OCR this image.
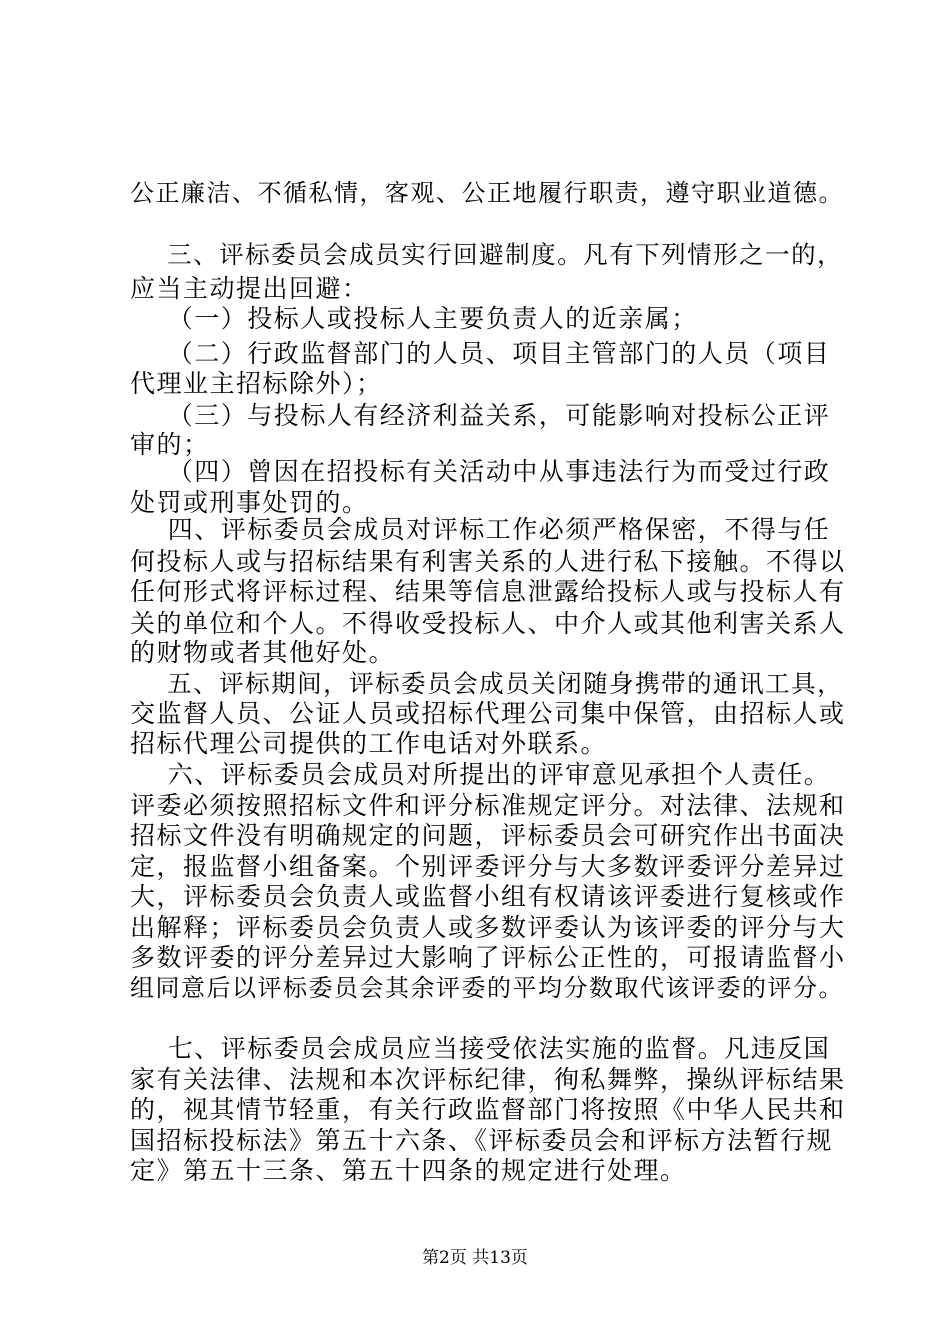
公正廉洁、不循私情，客观、公正地履行职责，遵守职业道德。
三、评标委员会成员实行回避制度。凡有下列情形之一的，
应当主动提出回避：
（一）投标人或投标人主要负责人的近亲属；
（二）行政监督部门的人员、项目主管部门的人员（项目
代理业主招标除外）；
（三）与投标人有经济利益关系，可能影响对投标公正评
审的；
（四）曾因在招投标有关活动中从事违法行为而受过行政
处罚或刑事处罚的。
四、评标委员会成员对评标工作必须严格保密，不得与任
何投标人或与招标结果有利害关系的人进行私下接触。不得以
任何形式将评标过程、结果等信息泄露给投标人或与投标人有
关的单位和个人。不得收受投标人、中介人或其他利害关系人
的财物或者其他好处。
五、评标期间，评标委员会成员关闭随身携带的通讯工具，
交监督人员、公证人员或招标代理公司集中保管，由招标人或
招标代理公司提供的工作电话对外联系。
六、评标委员会成员对所提出的评审意见承担个人责任。
评委必须按照招标文件和评分标准规定评分。对法律、法规和
招标文件没有明确规定的问题，评标委员会可研究作出书面决
定，报监督小组备案。个别评委评分与大多数评委评分差异过
大，评标委员会负责人或监督小组有权请该评委进行复核或作
出解释；评标委员会负责人或多数评委认为该评委的评分与大
多数评委的评分差异过大影响了评标公正性的，可报请监督小
组同意后以评标委员会其余评委的平均分数取代该评委的评分。
七、评标委员会成员应当接受依法实施的监督。凡违反国
家有关法律、法规和本次评标纪律，徇私舞弊，操纵评标结果
的，视其情节轻重，有关行政监督部门将按照《中华人民共和
国招标投标法》第五十六条、《评标委员会和评标方法暂行规
定》第五十三条、第五十四条的规定进行处理。
第2页 共13页
